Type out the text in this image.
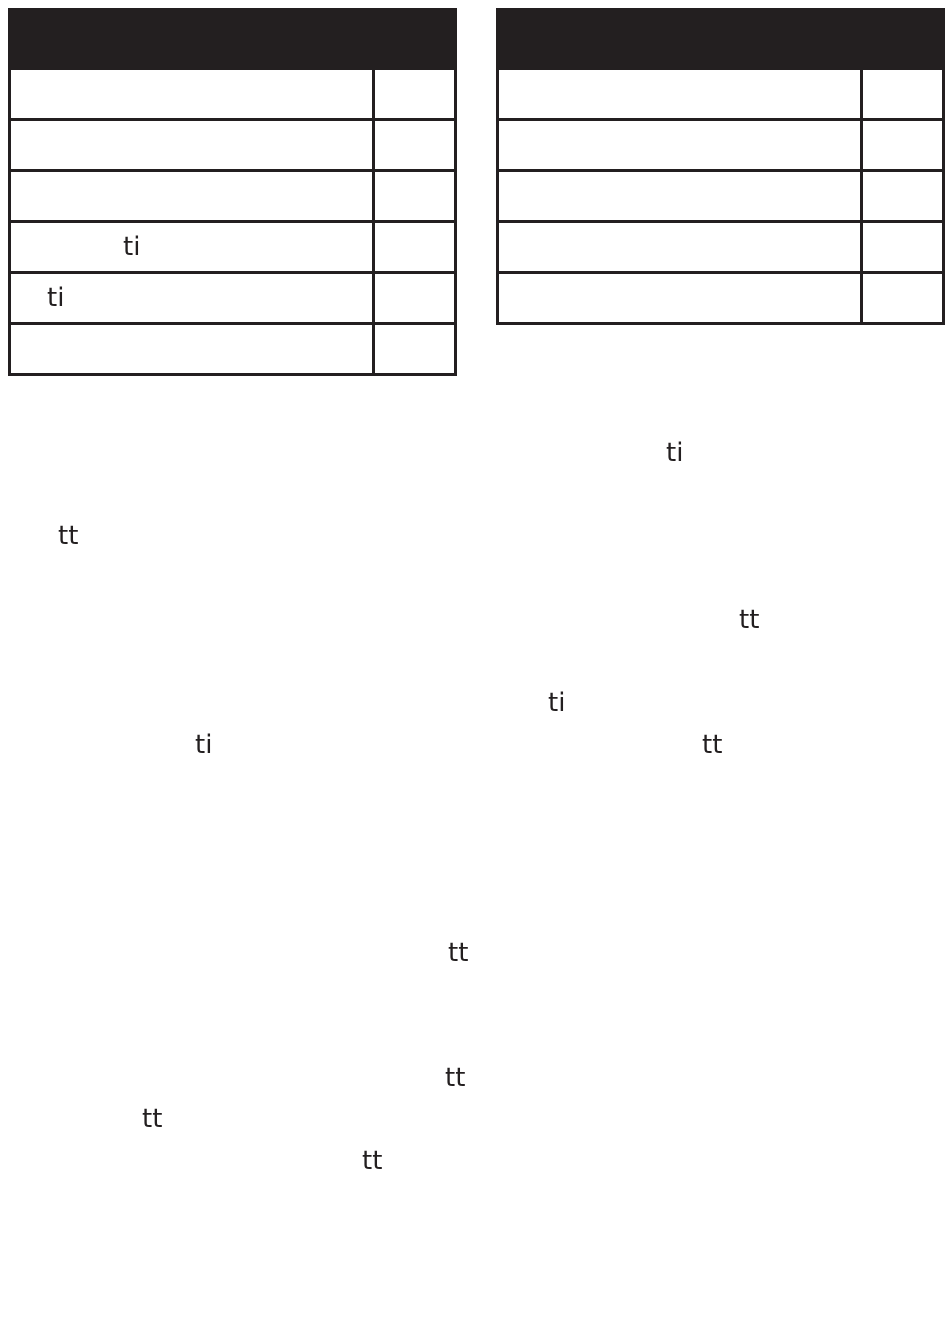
ti	

ti	

ti
tt
tt
ti
ti	tt
tt
tt
tt
tt
